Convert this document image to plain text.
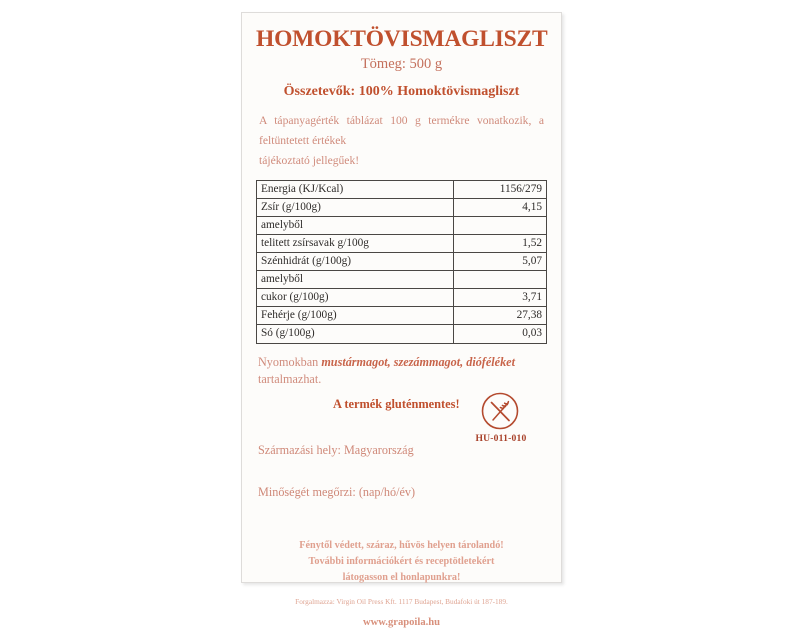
HOMOKTÖVISMAGLISZT
Tömeg: 500 g
Összetevők: 100% Homoktövismagliszt
A tápanyagérték táblázat 100 g termékre vonatkozik, a feltüntetett értékek
tájékoztató jellegűek!
Energia (KJ/Kcal)	1156/279
Zsír (g/100g)	4,15
amelyből	
telitett zsírsavak g/100g	1,52
Szénhidrát (g/100g)	5,07
amelyből	
cukor (g/100g)	3,71
Fehérje (g/100g)	27,38
Só (g/100g)	0,03
Nyomokban mustármagot, szezámmagot, dióféléket
tartalmazhat.
A termék gluténmentes!
HU-011-010
Származási hely: Magyarország
Minőségét megőrzi: (nap/hó/év)
Fénytől védett, száraz, hűvös helyen tárolandó!
További információkért és receptötletekért
látogasson el honlapunkra!
Forgalmazza: Virgin Oil Press Kft. 1117 Budapest, Budafoki út 187-189.
www.grapoila.hu
